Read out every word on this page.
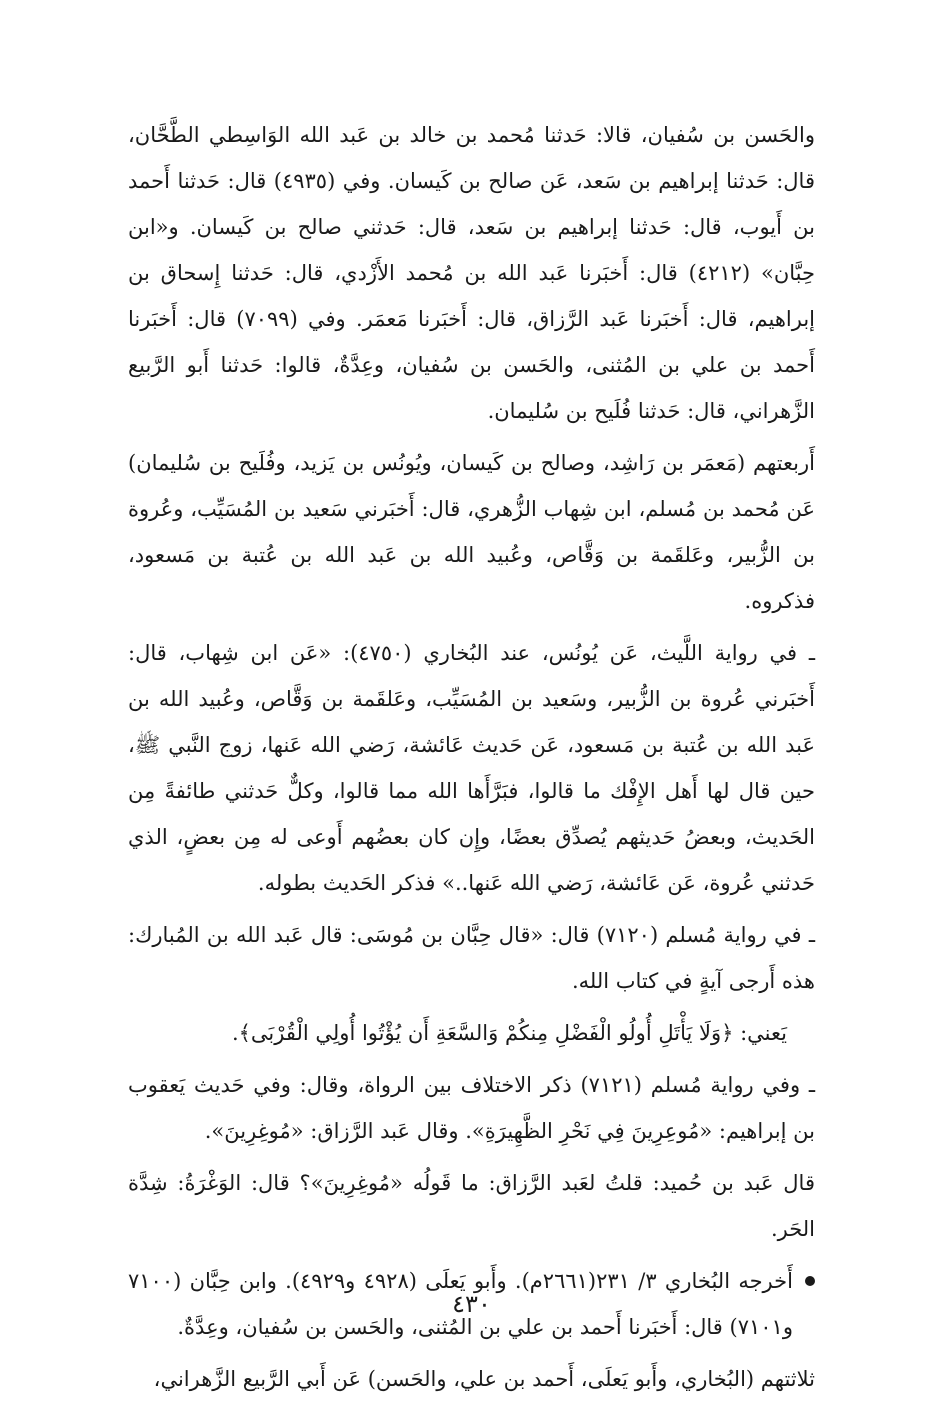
والحَسن بن سُفيان، قالا: حَدثنا مُحمد بن خالد بن عَبد الله الوَاسِطي الطَّحَّان، قال: حَدثنا إبراهيم بن سَعد، عَن صالح بن كَيسان. وفي (٤٩٣٥) قال: حَدثنا أَحمد بن أَيوب، قال: حَدثنا إبراهيم بن سَعد، قال: حَدثني صالح بن كَيسان. و«ابن حِبَّان» (٤٢١٢) قال: أَخبَرنا عَبد الله بن مُحمد الأَزْدي، قال: حَدثنا إِسحاق بن إبراهيم، قال: أَخبَرنا عَبد الرَّزاق، قال: أَخبَرنا مَعمَر. وفي (٧٠٩٩) قال: أَخبَرنا أَحمد بن علي بن المُثنى، والحَسن بن سُفيان، وعِدَّةٌ، قالوا: حَدثنا أَبو الرَّبيع الزَّهراني، قال: حَدثنا فُلَيح بن سُليمان.

أَربعتهم (مَعمَر بن رَاشِد، وصالح بن كَيسان، ويُونُس بن يَزيد، وفُلَيح بن سُليمان) عَن مُحمد بن مُسلم، ابن شِهاب الزُّهري، قال: أَخبَرني سَعيد بن المُسَيِّب، وعُروة بن الزُّبير، وعَلقَمة بن وَقَّاص، وعُبيد الله بن عَبد الله بن عُتبة بن مَسعود، فذكروه.

ـ في رواية اللَّيث، عَن يُونُس، عند البُخاري (٤٧٥٠): «عَن ابن شِهاب، قال: أَخبَرني عُروة بن الزُّبير، وسَعيد بن المُسَيِّب، وعَلقَمة بن وَقَّاص، وعُبيد الله بن عَبد الله بن عُتبة بن مَسعود، عَن حَديث عَائشة، رَضي الله عَنها، زوج النَّبي ﷺ، حين قال لها أَهل الإِفْك ما قالوا، فبَرَّأَها الله مما قالوا، وكلٌّ حَدثني طائفةً مِن الحَديث، وبعضُ حَديثهم يُصدِّق بعضًا، وإِن كان بعضُهم أَوعى له مِن بعضٍ، الذي حَدثني عُروة، عَن عَائشة، رَضي الله عَنها..» فذكر الحَديث بطوله.

ـ في رواية مُسلم (٧١٢٠) قال: «قال حِبَّان بن مُوسَى: قال عَبد الله بن المُبارك: هذه أَرجى آيةٍ في كتاب الله.

يَعني: ﴿وَلَا يَأْتَلِ أُولُو الْفَضْلِ مِنكُمْ وَالسَّعَةِ أَن يُؤْتُوا أُولِي الْقُرْبَى﴾.

ـ وفي رواية مُسلم (٧١٢١) ذكر الاختلاف بين الرواة، وقال: وفي حَديث يَعقوب بن إبراهيم: «مُوعِرِينَ فِي نَحْرِ الظَّهِيرَةِ». وقال عَبد الرَّزاق: «مُوغِرِينَ».

قال عَبد بن حُميد: قلتُ لعَبد الرَّزاق: ما قَولُه «مُوغِرِينَ»؟ قال: الوَغْرَةُ: شِدَّة الحَر.

أَخرجه البُخاري ٣/ ٢٣١(٢٦٦١م). وأَبو يَعلَى (٤٩٢٨ و٤٩٢٩). وابن حِبَّان (٧١٠٠ و٧١٠١) قال: أَخبَرنا أَحمد بن علي بن المُثنى، والحَسن بن سُفيان، وعِدَّةٌ.

ثلاثتهم (البُخاري، وأَبو يَعلَى، أَحمد بن علي، والحَسن) عَن أَبي الرَّبيع الزَّهراني،

٤٣٠
